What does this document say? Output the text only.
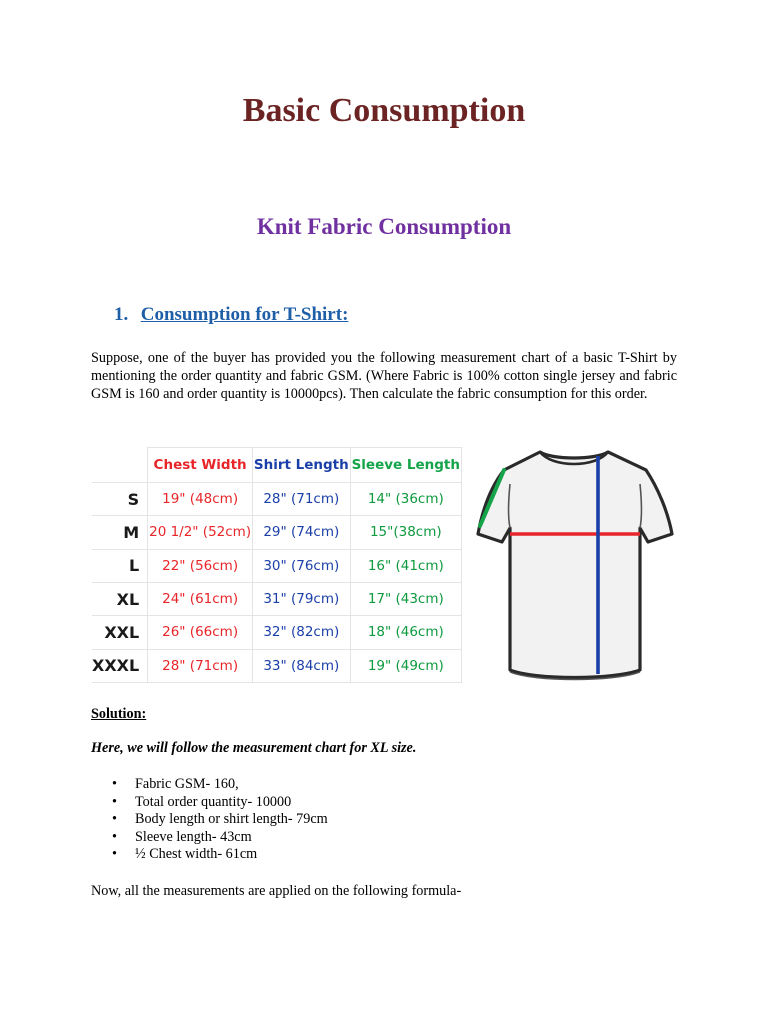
Basic Consumption
Knit Fabric Consumption
1. Consumption for T-Shirt:
Suppose, one of the buyer has provided you the following measurement chart of a basic T-Shirt by mentioning the order quantity and fabric GSM. (Where Fabric is 100% cotton single jersey and fabric GSM is 160 and order quantity is 10000pcs). Then calculate the fabric consumption for this order.
	Chest Width	Shirt Length	Sleeve Length
S	19" (48cm)	28" (71cm)	14" (36cm)
M	20 1/2" (52cm)	29" (74cm)	15"(38cm)
L	22" (56cm)	30" (76cm)	16" (41cm)
XL	24" (61cm)	31" (79cm)	17" (43cm)
XXL	26" (66cm)	32" (82cm)	18" (46cm)
XXXL	28" (71cm)	33" (84cm)	19" (49cm)
Solution:
Here, we will follow the measurement chart for XL size.
• Fabric GSM- 160,
• Total order quantity- 10000
• Body length or shirt length- 79cm
• Sleeve length- 43cm
• ½ Chest width- 61cm
Now, all the measurements are applied on the following formula-
